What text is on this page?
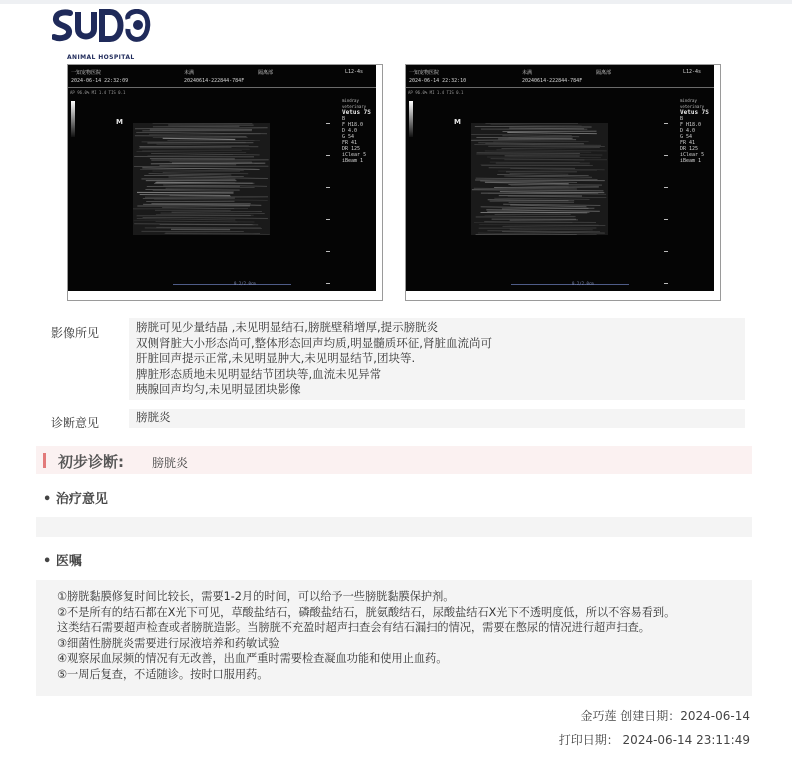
ANIMAL HOSPITAL
一知宠物医院	未满	隔离部	L12-4s
2024-06-14 22:32:09	20240614-222844-784F
AP 96.0% MI 1.4 TIS 0.1
M
mindray
veterinary
Vetus 7S
B
F H18.0
D 4.0
G 54
FR 41
DR 125
iClear 5
iBeam 1
0.2/2.0cm
一知宠物医院	未满	隔离部	L12-4s
2024-06-14 22:32:10	20240614-222844-784F
AP 96.0% MI 1.4 TIS 0.1
M
mindray
veterinary
Vetus 7S
B
F H18.0
D 4.0
G 54
FR 41
DR 125
iClear 5
iBeam 1
0.2/2.0cm
影像所见	膀胱可见少量结晶 ,未见明显结石,膀胱壁稍增厚,提示膀胱炎
双侧肾脏大小形态尚可,整体形态回声均质,明显髓质环征,肾脏血流尚可
肝脏回声提示正常,未见明显肿大,未见明显结节,团块等.
脾脏形态质地未见明显结节团块等,血流未见异常
胰腺回声均匀,未见明显团块影像
诊断意见	膀胱炎
初步诊断: 膀胱炎
• 治疗意见
• 医嘱
①膀胱黏膜修复时间比较长，需要1-2月的时间，可以给予一些膀胱黏膜保护剂。
②不是所有的结石都在X光下可见，草酸盐结石，磷酸盐结石，胱氨酸结石，尿酸盐结石X光下不透明度低，所以不容易看到。
这类结石需要超声检查或者膀胱造影。当膀胱不充盈时超声扫查会有结石漏扫的情况，需要在憋尿的情况进行超声扫查。
③细菌性膀胱炎需要进行尿液培养和药敏试验
④观察尿血尿频的情况有无改善，出血严重时需要检查凝血功能和使用止血药。
⑤一周后复查，不适随诊。按时口服用药。
金巧莲 创建日期：2024-06-14
打印日期： 2024-06-14 23:11:49
